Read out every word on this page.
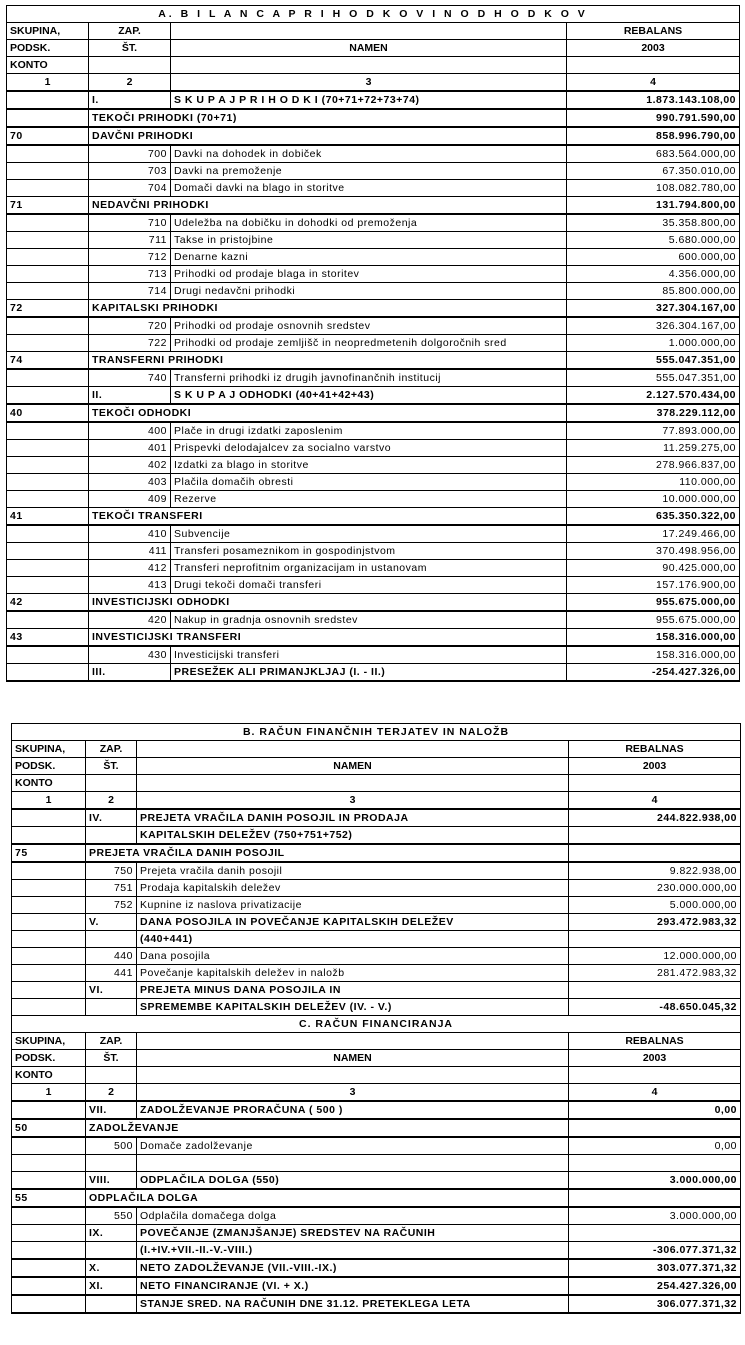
A. B I L A N C A P R I H O D K O V I N O D H O D K O V			
SKUPINA,	ZAP.		REBALANS
PODSK.	ŠT.	NAMEN	2003
KONTO			
1	2	3	4
	I.	S K U P A J P R I H O D K I (70+71+72+73+74)	1.873.143.108,00
	TEKOČI PRIHODKI (70+71)		990.791.590,00
70	DAVČNI PRIHODKI		858.996.790,00
	700	Davki na dohodek in dobiček	683.564.000,00
	703	Davki na premoženje	67.350.010,00
	704	Domači davki na blago in storitve	108.082.780,00
71	NEDAVČNI PRIHODKI		131.794.800,00
	710	Udeležba na dobičku in dohodki od premoženja	35.358.800,00
	711	Takse in pristojbine	5.680.000,00
	712	Denarne kazni	600.000,00
	713	Prihodki od prodaje blaga in storitev	4.356.000,00
	714	Drugi nedavčni prihodki	85.800.000,00
72	KAPITALSKI PRIHODKI		327.304.167,00
	720	Prihodki od prodaje osnovnih sredstev	326.304.167,00
	722	Prihodki od prodaje zemljišč in neopredmetenih dolgoročnih sred	1.000.000,00
74	TRANSFERNI PRIHODKI		555.047.351,00
	740	Transferni prihodki iz drugih javnofinančnih institucij	555.047.351,00
	II.	S K U P A J ODHODKI (40+41+42+43)	2.127.570.434,00
40	TEKOČI ODHODKI		378.229.112,00
	400	Plače in drugi izdatki zaposlenim	77.893.000,00
	401	Prispevki delodajalcev za socialno varstvo	11.259.275,00
	402	Izdatki za blago in storitve	278.966.837,00
	403	Plačila domačih obresti	110.000,00
	409	Rezerve	10.000.000,00
41	TEKOČI TRANSFERI		635.350.322,00
	410	Subvencije	17.249.466,00
	411	Transferi posameznikom in gospodinjstvom	370.498.956,00
	412	Transferi neprofitnim organizacijam in ustanovam	90.425.000,00
	413	Drugi tekoči domači transferi	157.176.900,00
42	INVESTICIJSKI ODHODKI		955.675.000,00
	420	Nakup in gradnja osnovnih sredstev	955.675.000,00
43	INVESTICIJSKI TRANSFERI		158.316.000,00
	430	Investicijski transferi	158.316.000,00
	III.	PRESEŽEK ALI PRIMANJKLJAJ (I. - II.)	-254.427.326,00
B. RAČUN FINANČNIH TERJATEV IN NALOŽB			
SKUPINA,	ZAP.		REBALNAS
PODSK.	ŠT.	NAMEN	2003
KONTO			
1	2	3	4
	IV.	PREJETA VRAČILA DANIH POSOJIL IN PRODAJA	244.822.938,00
		KAPITALSKIH DELEŽEV (750+751+752)	
75	PREJETA VRAČILA DANIH POSOJIL		
	750	Prejeta vračila danih posojil	9.822.938,00
	751	Prodaja kapitalskih deležev	230.000.000,00
	752	Kupnine iz naslova privatizacije	5.000.000,00
	V.	DANA POSOJILA IN POVEČANJE KAPITALSKIH DELEŽEV	293.472.983,32
		(440+441)	
	440	Dana posojila	12.000.000,00
	441	Povečanje kapitalskih deležev in naložb	281.472.983,32
	VI.	PREJETA MINUS DANA POSOJILA IN	
		SPREMEMBE KAPITALSKIH DELEŽEV (IV. - V.)	-48.650.045,32
C. RAČUN FINANCIRANJA			
SKUPINA,	ZAP.		REBALNAS
PODSK.	ŠT.	NAMEN	2003
KONTO			
1	2	3	4
	VII.	ZADOLŽEVANJE PRORAČUNA ( 500 )	0,00
50	ZADOLŽEVANJE		
	500	Domače zadolževanje	0,00

	VIII.	ODPLAČILA DOLGA (550)	3.000.000,00
55	ODPLAČILA DOLGA		
	550	Odplačila domačega dolga	3.000.000,00
	IX.	POVEČANJE (ZMANJŠANJE) SREDSTEV NA RAČUNIH	
		(I.+IV.+VII.-II.-V.-VIII.)	-306.077.371,32
	X.	NETO ZADOLŽEVANJE (VII.-VIII.-IX.)	303.077.371,32
	XI.	NETO FINANCIRANJE (VI. + X.)	254.427.326,00
		STANJE SRED. NA RAČUNIH DNE 31.12. PRETEKLEGA LETA	306.077.371,32
